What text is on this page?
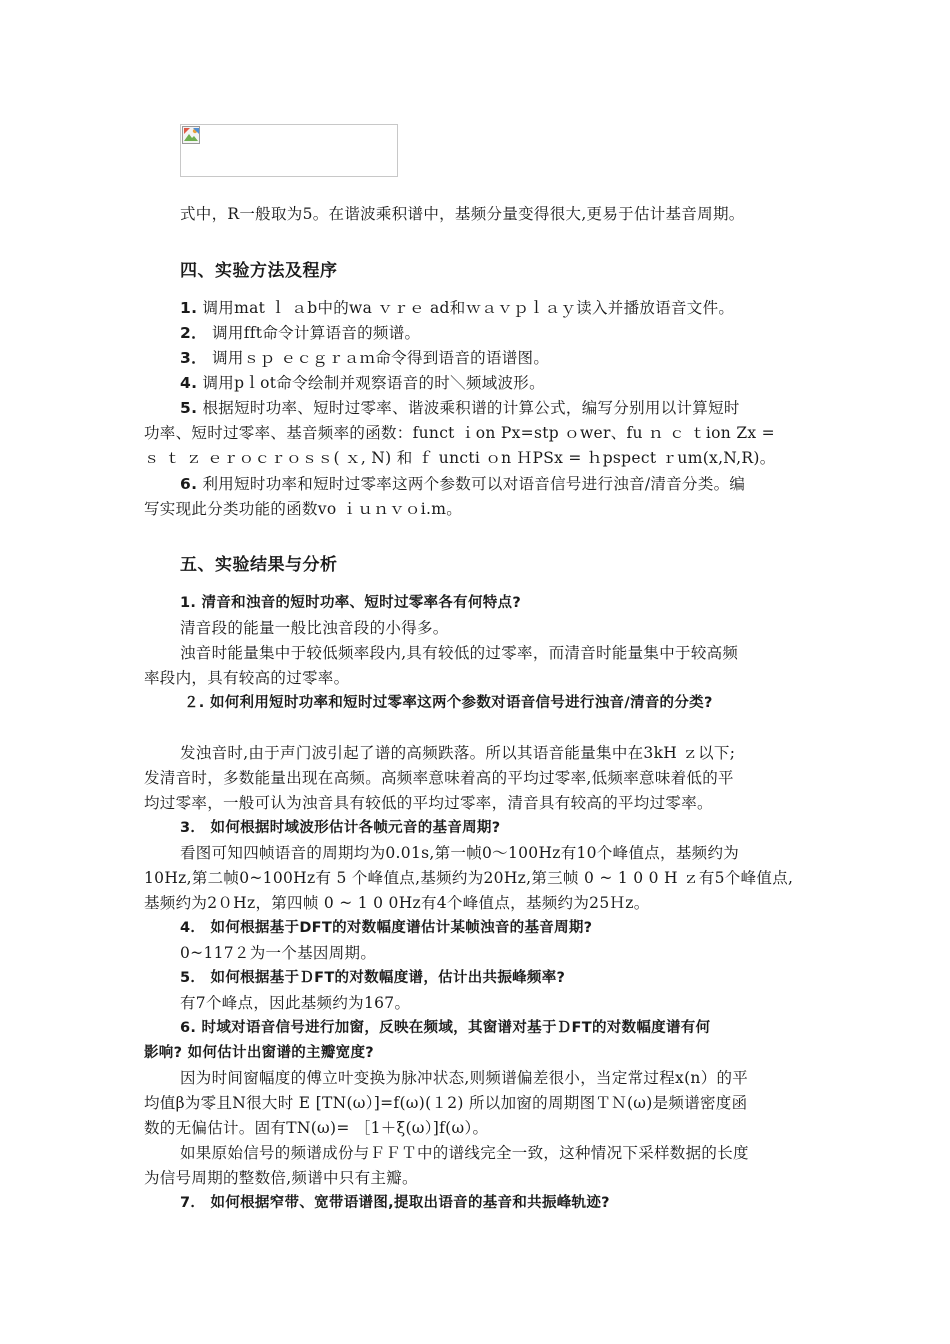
式中，R一般取为5。在谐波乘积谱中，基频分量变得很大,更易于估计基音周期。
四、实验方法及程序
1. 调用mat ｌ ａb中的wa ｖｒｅ ad和ｗａｖｐｌａｙ读入并播放语音文件。
2． 调用fft命令计算语音的频谱。
3． 调用ｓｐ ｅｃｇｒａｍ命令得到语音的语谱图。
4. 调用pｌot命令绘制并观察语音的时＼频域波形。
5. 根据短时功率、短时过零率、谐波乘积谱的计算公式，编写分别用以计算短时
功率、短时过零率、基音频率的函数：funct ｉon Px=stp ｏwer、fu ｎ ｃ ｔion Zx =
ｓ ｔ ｚ ｅｒｏｃｒｏｓｓ( ｘ, N) 和 ｆ uncti ｏn ＨPSx = ｈpspect ｒum(x,N,R)。
6. 利用短时功率和短时过零率这两个参数可以对语音信号进行浊音/清音分类。编
写实现此分类功能的函数vo ｉｕｎｖｏi.m。
五、实验结果与分析
1. 清音和浊音的短时功率、短时过零率各有何特点?
清音段的能量一般比浊音段的小得多。
浊音时能量集中于较低频率段内,具有较低的过零率，而清音时能量集中于较高频
率段内，具有较高的过零率。
２. 如何利用短时功率和短时过零率这两个参数对语音信号进行浊音/清音的分类?
发浊音时,由于声门波引起了谱的高频跌落。所以其语音能量集中在3kH ｚ以下;
发清音时，多数能量出现在高频。高频率意味着高的平均过零率,低频率意味着低的平
均过零率，一般可认为浊音具有较低的平均过零率，清音具有较高的平均过零率。
3． 如何根据时域波形估计各帧元音的基音周期?
看图可知四帧语音的周期均为0.01s,第一帧0～100Hz有10个峰值点，基频约为
10Hz,第二帧0~100Hz有 5 个峰值点,基频约为20Hz,第三帧 0 ~ 1 0 0 H ｚ有5个峰值点,
基频约为2０Hz，第四帧 0 ~ 1 0 0Hz有4个峰值点，基频约为25Ｈz。
4． 如何根据基于DFT的对数幅度谱估计某帧浊音的基音周期?
0~117２为一个基因周期。
5． 如何根据基于ＤFT的对数幅度谱，估计出共振峰频率?
有7个峰点，因此基频约为167。
6. 时域对语音信号进行加窗，反映在频域，其窗谱对基于ＤFT的对数幅度谱有何
影响? 如何估计出窗谱的主瓣宽度?
因为时间窗幅度的傅立叶变换为脉冲状态,则频谱偏差很小，当定常过程x(n）的平
均值β为零且N很大时 E [TN(ω）]=f(ω)(１2) 所以加窗的周期图ＴＮ(ω)是频谱密度函
数的无偏估计。固有TN(ω)= ［1＋ξ(ω）]f(ω）。
如果原始信号的频谱成份与ＦＦＴ中的谱线完全一致，这种情况下采样数据的长度
为信号周期的整数倍,频谱中只有主瓣。
7． 如何根据窄带、宽带语谱图,提取出语音的基音和共振峰轨迹?
